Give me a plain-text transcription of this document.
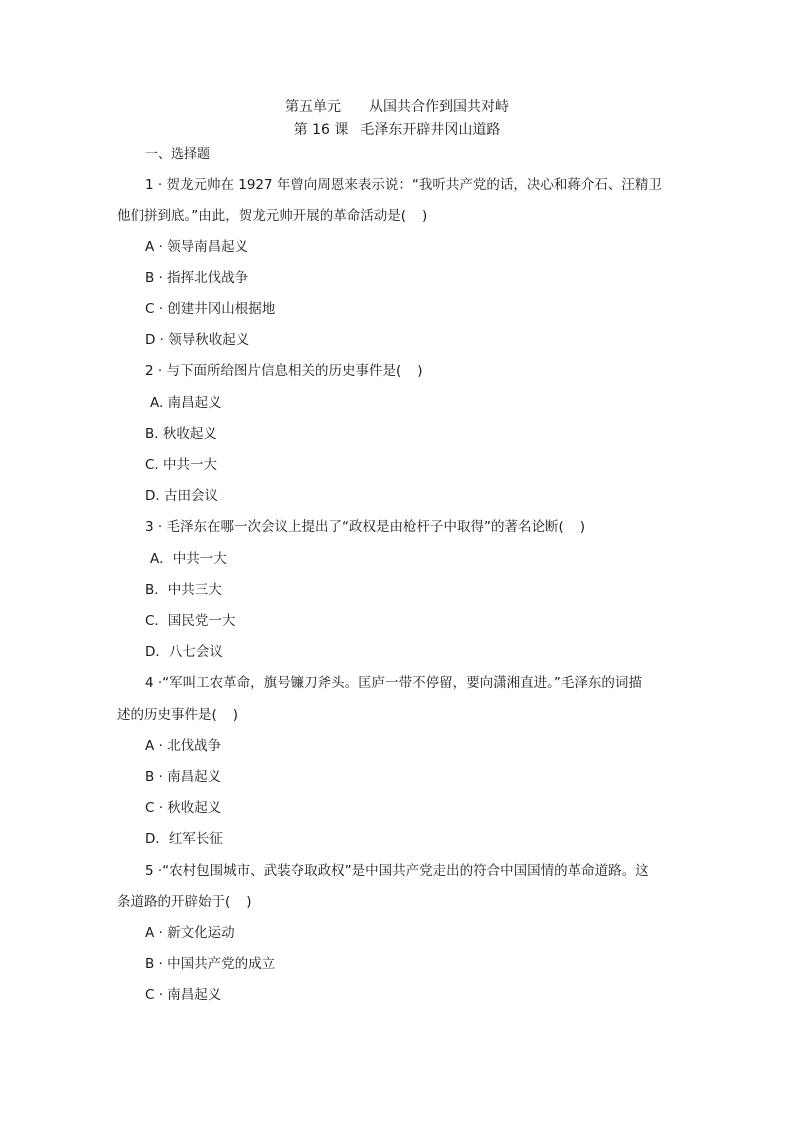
第五单元 从国共合作到国共对峙
第 16 课 毛泽东开辟井冈山道路
一、选择题
1 · 贺龙元帅在 1927 年曾向周恩来表示说：“我听共产党的话，决心和蒋介石、汪精卫
他们拼到底。”由此，贺龙元帅开展的革命活动是( )
A · 领导南昌起义
B · 指挥北伐战争
C · 创建井冈山根据地
D · 领导秋收起义
2 · 与下面所给图片信息相关的历史事件是( )
A. 南昌起义
B. 秋收起义
C. 中共一大
D. 古田会议
3 · 毛泽东在哪一次会议上提出了“政权是由枪杆子中取得”的著名论断( )
A．中共一大
B．中共三大
C．国民党一大
D．八七会议
4 ·“军叫工农革命，旗号镰刀斧头。匡庐一带不停留，要向潇湘直进。”毛泽东的词描
述的历史事件是( )
A · 北伐战争
B · 南昌起义
C · 秋收起义
D．红军长征
5 ·“农村包围城市、武装夺取政权”是中国共产党走出的符合中国国情的革命道路。这
条道路的开辟始于( )
A · 新文化运动
B · 中国共产党的成立
C · 南昌起义
